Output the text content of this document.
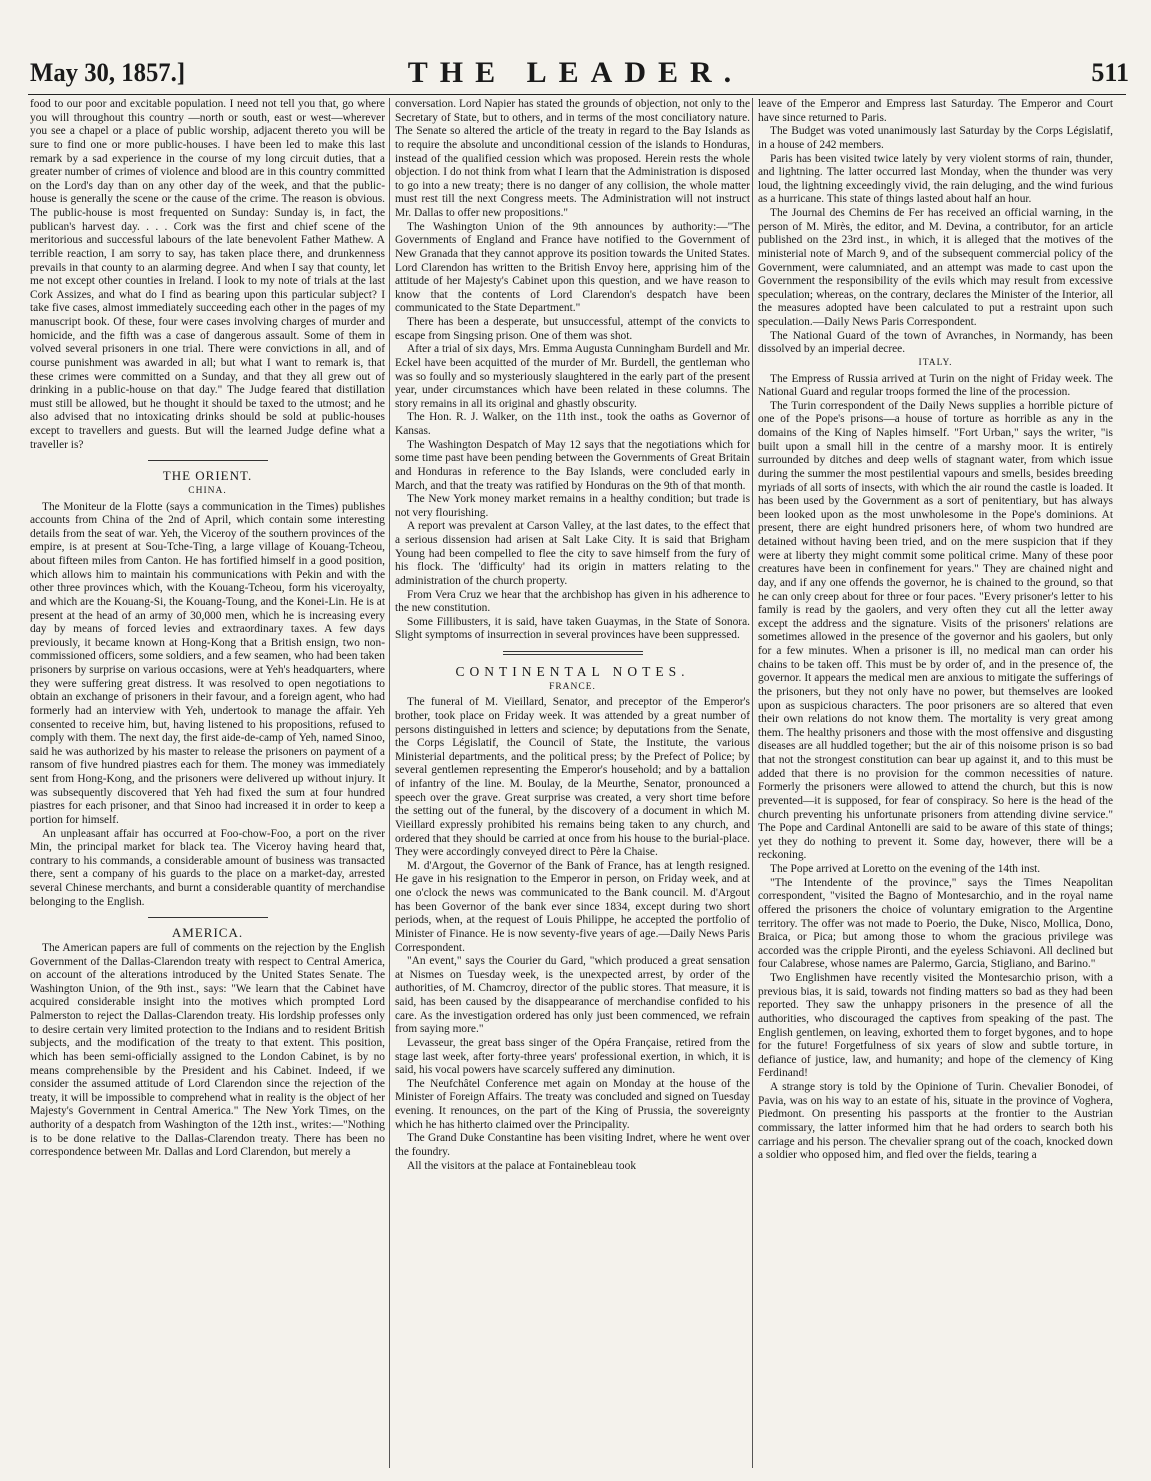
May 30, 1857.]	THE LEADER.	511

food to our poor and excitable population. I need not tell you that, go where you will throughout this country —north or south, east or west—wherever you see a chapel or a place of public worship, adjacent thereto you will be sure to find one or more public-houses. I have been led to make this last remark by a sad experience in the course of my long circuit duties, that a greater number of crimes of violence and blood are in this country committed on the Lord's day than on any other day of the week, and that the public-house is generally the scene or the cause of the crime. The reason is obvious. The public-house is most frequented on Sunday: Sunday is, in fact, the publican's harvest day. . . . Cork was the first and chief scene of the meritorious and successful labours of the late benevolent Father Mathew. A terrible reaction, I am sorry to say, has taken place there, and drunkenness prevails in that county to an alarming degree. And when I say that county, let me not except other counties in Ireland. I look to my note of trials at the last Cork Assizes, and what do I find as bearing upon this particular subject? I take five cases, almost immediately succeeding each other in the pages of my manuscript book. Of these, four were cases involving charges of murder and homicide, and the fifth was a case of dangerous assault. Some of them in volved several prisoners in one trial. There were convictions in all, and of course punishment was awarded in all; but what I want to remark is, that these crimes were committed on a Sunday, and that they all grew out of drinking in a public-house on that day." The Judge feared that distillation must still be allowed, but he thought it should be taxed to the utmost; and he also advised that no intoxicating drinks should be sold at public-houses except to travellers and guests. But will the learned Judge define what a traveller is?

THE ORIENT.
CHINA.

The Moniteur de la Flotte (says a communication in the Times) publishes accounts from China of the 2nd of April, which contain some interesting details from the seat of war. Yeh, the Viceroy of the southern provinces of the empire, is at present at Sou-Tche-Ting, a large village of Kouang-Tcheou, about fifteen miles from Canton. He has fortified himself in a good position, which allows him to maintain his communications with Pekin and with the other three provinces which, with the Kouang-Tcheou, form his viceroyalty, and which are the Kouang-Si, the Kouang-Toung, and the Konei-Lin. He is at present at the head of an army of 30,000 men, which he is increasing every day by means of forced levies and extraordinary taxes. A few days previously, it became known at Hong-Kong that a British ensign, two non-commissioned officers, some soldiers, and a few seamen, who had been taken prisoners by surprise on various occasions, were at Yeh's headquarters, where they were suffering great distress. It was resolved to open negotiations to obtain an exchange of prisoners in their favour, and a foreign agent, who had formerly had an interview with Yeh, undertook to manage the affair. Yeh consented to receive him, but, having listened to his propositions, refused to comply with them. The next day, the first aide-de-camp of Yeh, named Sinoo, said he was authorized by his master to release the prisoners on payment of a ransom of five hundred piastres each for them. The money was immediately sent from Hong-Kong, and the prisoners were delivered up without injury. It was subsequently discovered that Yeh had fixed the sum at four hundred piastres for each prisoner, and that Sinoo had increased it in order to keep a portion for himself.

An unpleasant affair has occurred at Foo-chow-Foo, a port on the river Min, the principal market for black tea. The Viceroy having heard that, contrary to his commands, a considerable amount of business was transacted there, sent a company of his guards to the place on a market-day, arrested several Chinese merchants, and burnt a considerable quantity of merchandise belonging to the English.

AMERICA.

The American papers are full of comments on the rejection by the English Government of the Dallas-Clarendon treaty with respect to Central America, on account of the alterations introduced by the United States Senate. The Washington Union, of the 9th inst., says: "We learn that the Cabinet have acquired considerable insight into the motives which prompted Lord Palmerston to reject the Dallas-Clarendon treaty. His lordship professes only to desire certain very limited protection to the Indians and to resident British subjects, and the modification of the treaty to that extent. This position, which has been semi-officially assigned to the London Cabinet, is by no means comprehensible by the President and his Cabinet. Indeed, if we consider the assumed attitude of Lord Clarendon since the rejection of the treaty, it will be impossible to comprehend what in reality is the object of her Majesty's Government in Central America." The New York Times, on the authority of a despatch from Washington of the 12th inst., writes:—"Nothing is to be done relative to the Dallas-Clarendon treaty. There has been no correspondence between Mr. Dallas and Lord Clarendon, but merely a

conversation. Lord Napier has stated the grounds of objection, not only to the Secretary of State, but to others, and in terms of the most conciliatory nature. The Senate so altered the article of the treaty in regard to the Bay Islands as to require the absolute and unconditional cession of the islands to Honduras, instead of the qualified cession which was proposed. Herein rests the whole objection. I do not think from what I learn that the Administration is disposed to go into a new treaty; there is no danger of any collision, the whole matter must rest till the next Congress meets. The Administration will not instruct Mr. Dallas to offer new propositions."

The Washington Union of the 9th announces by authority:—"The Governments of England and France have notified to the Government of New Granada that they cannot approve its position towards the United States. Lord Clarendon has written to the British Envoy here, apprising him of the attitude of her Majesty's Cabinet upon this question, and we have reason to know that the contents of Lord Clarendon's despatch have been communicated to the State Department."

There has been a desperate, but unsuccessful, attempt of the convicts to escape from Singsing prison. One of them was shot.

After a trial of six days, Mrs. Emma Augusta Cunningham Burdell and Mr. Eckel have been acquitted of the murder of Mr. Burdell, the gentleman who was so foully and so mysteriously slaughtered in the early part of the present year, under circumstances which have been related in these columns. The story remains in all its original and ghastly obscurity.

The Hon. R. J. Walker, on the 11th inst., took the oaths as Governor of Kansas.

The Washington Despatch of May 12 says that the negotiations which for some time past have been pending between the Governments of Great Britain and Honduras in reference to the Bay Islands, were concluded early in March, and that the treaty was ratified by Honduras on the 9th of that month.

The New York money market remains in a healthy condition; but trade is not very flourishing.

A report was prevalent at Carson Valley, at the last dates, to the effect that a serious dissension had arisen at Salt Lake City. It is said that Brigham Young had been compelled to flee the city to save himself from the fury of his flock. The 'difficulty' had its origin in matters relating to the administration of the church property.

From Vera Cruz we hear that the archbishop has given in his adherence to the new constitution.

Some Fillibusters, it is said, have taken Guaymas, in the State of Sonora. Slight symptoms of insurrection in several provinces have been suppressed.

CONTINENTAL NOTES.
FRANCE.

The funeral of M. Vieillard, Senator, and preceptor of the Emperor's brother, took place on Friday week. It was attended by a great number of persons distinguished in letters and science; by deputations from the Senate, the Corps Législatif, the Council of State, the Institute, the various Ministerial departments, and the political press; by the Prefect of Police; by several gentlemen representing the Emperor's household; and by a battalion of infantry of the line. M. Boulay, de la Meurthe, Senator, pronounced a speech over the grave. Great surprise was created, a very short time before the setting out of the funeral, by the discovery of a document in which M. Vieillard expressly prohibited his remains being taken to any church, and ordered that they should be carried at once from his house to the burial-place. They were accordingly conveyed direct to Père la Chaise.

M. d'Argout, the Governor of the Bank of France, has at length resigned. He gave in his resignation to the Emperor in person, on Friday week, and at one o'clock the news was communicated to the Bank council. M. d'Argout has been Governor of the bank ever since 1834, except during two short periods, when, at the request of Louis Philippe, he accepted the portfolio of Minister of Finance. He is now seventy-five years of age.—Daily News Paris Correspondent.

"An event," says the Courier du Gard, "which produced a great sensation at Nismes on Tuesday week, is the unexpected arrest, by order of the authorities, of M. Chamcroy, director of the public stores. That measure, it is said, has been caused by the disappearance of merchandise confided to his care. As the investigation ordered has only just been commenced, we refrain from saying more."

Levasseur, the great bass singer of the Opéra Française, retired from the stage last week, after forty-three years' professional exertion, in which, it is said, his vocal powers have scarcely suffered any diminution.

The Neufchâtel Conference met again on Monday at the house of the Minister of Foreign Affairs. The treaty was concluded and signed on Tuesday evening. It renounces, on the part of the King of Prussia, the sovereignty which he has hitherto claimed over the Principality.

The Grand Duke Constantine has been visiting Indret, where he went over the foundry.

All the visitors at the palace at Fontainebleau took

leave of the Emperor and Empress last Saturday. The Emperor and Court have since returned to Paris.

The Budget was voted unanimously last Saturday by the Corps Législatif, in a house of 242 members.

Paris has been visited twice lately by very violent storms of rain, thunder, and lightning. The latter occurred last Monday, when the thunder was very loud, the lightning exceedingly vivid, the rain deluging, and the wind furious as a hurricane. This state of things lasted about half an hour.

The Journal des Chemins de Fer has received an official warning, in the person of M. Mirès, the editor, and M. Devina, a contributor, for an article published on the 23rd inst., in which, it is alleged that the motives of the ministerial note of March 9, and of the subsequent commercial policy of the Government, were calumniated, and an attempt was made to cast upon the Government the responsibility of the evils which may result from excessive speculation; whereas, on the contrary, declares the Minister of the Interior, all the measures adopted have been calculated to put a restraint upon such speculation.—Daily News Paris Correspondent.

The National Guard of the town of Avranches, in Normandy, has been dissolved by an imperial decree.

ITALY.

The Empress of Russia arrived at Turin on the night of Friday week. The National Guard and regular troops formed the line of the procession.

The Turin correspondent of the Daily News supplies a horrible picture of one of the Pope's prisons—a house of torture as horrible as any in the domains of the King of Naples himself. "Fort Urban," says the writer, "is built upon a small hill in the centre of a marshy moor. It is entirely surrounded by ditches and deep wells of stagnant water, from which issue during the summer the most pestilential vapours and smells, besides breeding myriads of all sorts of insects, with which the air round the castle is loaded. It has been used by the Government as a sort of penitentiary, but has always been looked upon as the most unwholesome in the Pope's dominions. At present, there are eight hundred prisoners here, of whom two hundred are detained without having been tried, and on the mere suspicion that if they were at liberty they might commit some political crime. Many of these poor creatures have been in confinement for years." They are chained night and day, and if any one offends the governor, he is chained to the ground, so that he can only creep about for three or four paces. "Every prisoner's letter to his family is read by the gaolers, and very often they cut all the letter away except the address and the signature. Visits of the prisoners' relations are sometimes allowed in the presence of the governor and his gaolers, but only for a few minutes. When a prisoner is ill, no medical man can order his chains to be taken off. This must be by order of, and in the presence of, the governor. It appears the medical men are anxious to mitigate the sufferings of the prisoners, but they not only have no power, but themselves are looked upon as suspicious characters. The poor prisoners are so altered that even their own relations do not know them. The mortality is very great among them. The healthy prisoners and those with the most offensive and disgusting diseases are all huddled together; but the air of this noisome prison is so bad that not the strongest constitution can bear up against it, and to this must be added that there is no provision for the common necessities of nature. Formerly the prisoners were allowed to attend the church, but this is now prevented—it is supposed, for fear of conspiracy. So here is the head of the church preventing his unfortunate prisoners from attending divine service." The Pope and Cardinal Antonelli are said to be aware of this state of things; yet they do nothing to prevent it. Some day, however, there will be a reckoning.

The Pope arrived at Loretto on the evening of the 14th inst.

"The Intendente of the province," says the Times Neapolitan correspondent, "visited the Bagno of Montesarchio, and in the royal name offered the prisoners the choice of voluntary emigration to the Argentine territory. The offer was not made to Poerio, the Duke, Nisco, Mollica, Dono, Braica, or Pica; but among those to whom the gracious privilege was accorded was the cripple Pironti, and the eyeless Schiavoni. All declined but four Calabrese, whose names are Palermo, Garcia, Stigliano, and Barino."

Two Englishmen have recently visited the Montesarchio prison, with a previous bias, it is said, towards not finding matters so bad as they had been reported. They saw the unhappy prisoners in the presence of all the authorities, who discouraged the captives from speaking of the past. The English gentlemen, on leaving, exhorted them to forget bygones, and to hope for the future! Forgetfulness of six years of slow and subtle torture, in defiance of justice, law, and humanity; and hope of the clemency of King Ferdinand!

A strange story is told by the Opinione of Turin. Chevalier Bonodei, of Pavia, was on his way to an estate of his, situate in the province of Voghera, Piedmont. On presenting his passports at the frontier to the Austrian commissary, the latter informed him that he had orders to search both his carriage and his person. The chevalier sprang out of the coach, knocked down a soldier who opposed him, and fled over the fields, tearing a
